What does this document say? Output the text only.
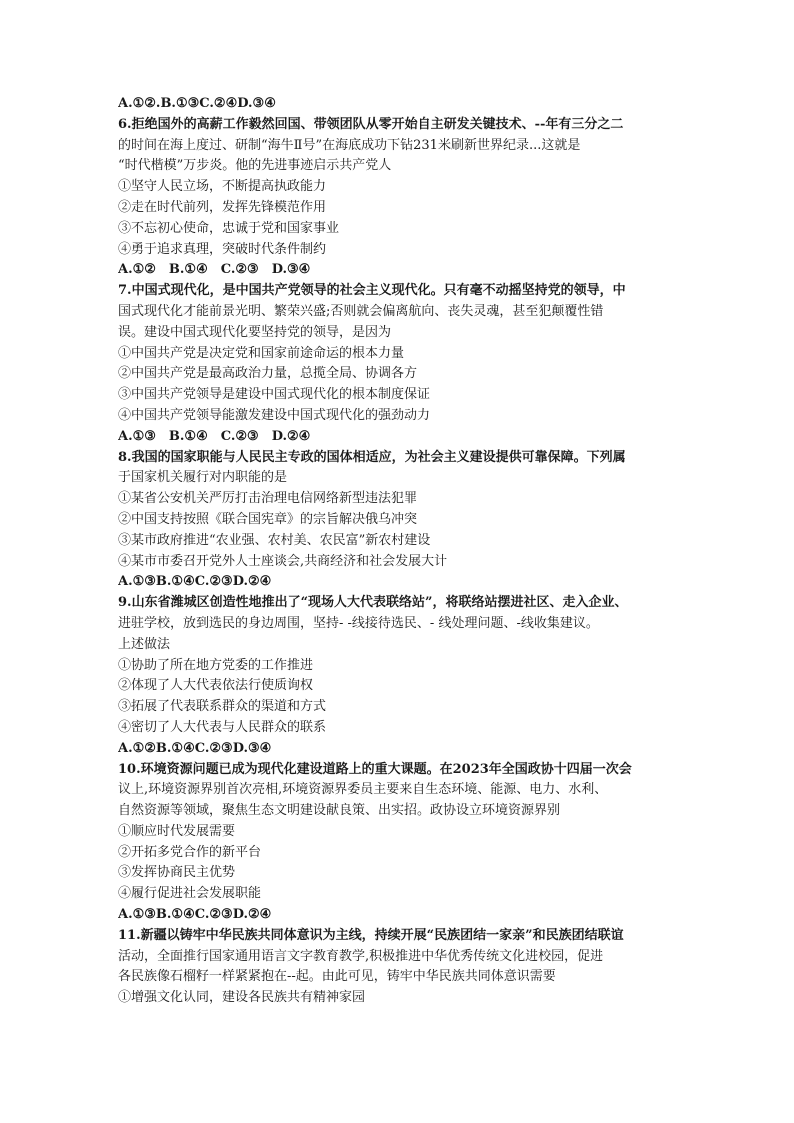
A.①②.B.①③C.②④D.③④
6.拒绝国外的高薪工作毅然回国、带领团队从零开始自主研发关键技术、--年有三分之二
的时间在海上度过、研制“海牛Ⅱ号”在海底成功下钻231米刷新世界纪录...这就是
“时代楷模”万步炎。他的先进事迹启示共产党人
①坚守人民立场，不断提高执政能力
②走在时代前列，发挥先锋模范作用
③不忘初心使命，忠诚于党和国家事业
④勇于追求真理，突破时代条件制约
A.①②　B.①④　C.②③　D.③④
7.中国式现代化，是中国共产党领导的社会主义现代化。只有毫不动摇坚持党的领导，中
国式现代化才能前景光明、繁荣兴盛;否则就会偏离航向、丧失灵魂，甚至犯颠覆性错
误。建设中国式现代化要坚持党的领导，是因为
①中国共产党是决定党和国家前途命运的根本力量
②中国共产党是最高政治力量，总揽全局、协调各方
③中国共产党领导是建设中国式现代化的根本制度保证
④中国共产党领导能激发建设中国式现代化的强劲动力
A.①③　B.①④　C.②③　D.②④
8.我国的国家职能与人民民主专政的国体相适应，为社会主义建设提供可靠保障。下列属
于国家机关履行对内职能的是
①某省公安机关严厉打击治理电信网络新型违法犯罪
②中国支持按照《联合国宪章》的宗旨解决俄乌冲突
③某市政府推进“农业强、农村美、农民富”新农村建设
④某市市委召开党外人士座谈会,共商经济和社会发展大计
A.①③B.①④C.②③D.②④
9.山东省潍城区创造性地推出了“现场人大代表联络站”，将联络站摆进社区、走入企业、
进驻学校，放到选民的身边周围，坚持- -线接待选民、- 线处理问题、-线收集建议。
上述做法
①协助了所在地方党委的工作推进
②体现了人大代表依法行使质询权
③拓展了代表联系群众的渠道和方式
④密切了人大代表与人民群众的联系
A.①②B.①④C.②③D.③④
10.环境资源问题已成为现代化建设道路上的重大课题。在2023年全国政协十四届一次会
议上,环境资源界别首次亮相,环境资源界委员主要来自生态环境、能源、电力、水利、
自然资源等领域，聚焦生态文明建设献良策、出实招。政协设立环境资源界别
①顺应时代发展需要
②开拓多党合作的新平台
③发挥协商民主优势
④履行促进社会发展职能
A.①③B.①④C.②③D.②④
11.新疆以铸牢中华民族共同体意识为主线，持续开展“民族团结一家亲”和民族团结联谊
活动，全面推行国家通用语言文字教育教学,积极推进中华优秀传统文化进校园，促进
各民族像石榴籽一样紧紧抱在--起。由此可见，铸牢中华民族共同体意识需要
①增强文化认同，建设各民族共有精神家园
